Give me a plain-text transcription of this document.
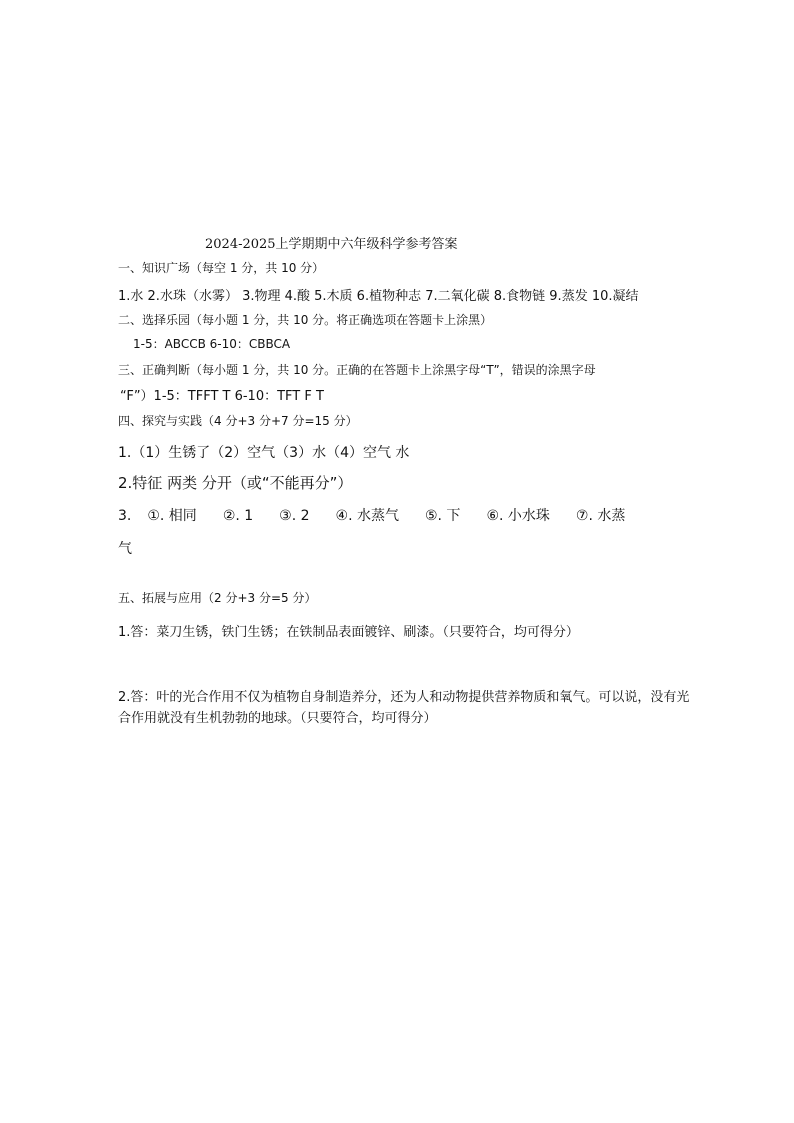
2024-2025上学期期中六年级科学参考答案
一、知识广场（每空 1 分，共 10 分）
1.水 2.水珠（水雾） 3.物理 4.酸 5.木质 6.植物种志 7.二氧化碳 8.食物链 9.蒸发 10.凝结
二、选择乐园（每小题 1 分，共 10 分。将正确选项在答题卡上涂黑）
1-5：ABCCB 6-10：CBBCA
三、正确判断（每小题 1 分，共 10 分。正确的在答题卡上涂黑字母“T”，错误的涂黑字母
“F”）1-5：TFFT T 6-10：TFT F T
四、探究与实践（4 分+3 分+7 分=15 分）
1.（1）生锈了（2）空气（3）水（4）空气 水
2.特征 两类 分开（或“不能再分”）
3. ①. 相同 ②. 1 ③. 2 ④. 水蒸气 ⑤. 下 ⑥. 小水珠 ⑦. 水蒸
气
五、拓展与应用（2 分+3 分=5 分）
1.答：菜刀生锈，铁门生锈；在铁制品表面镀锌、刷漆。（只要符合，均可得分）
2.答：叶的光合作用不仅为植物自身制造养分，还为人和动物提供营养物质和氧气。可以说，没有光合作用就没有生机勃勃的地球。（只要符合，均可得分）
